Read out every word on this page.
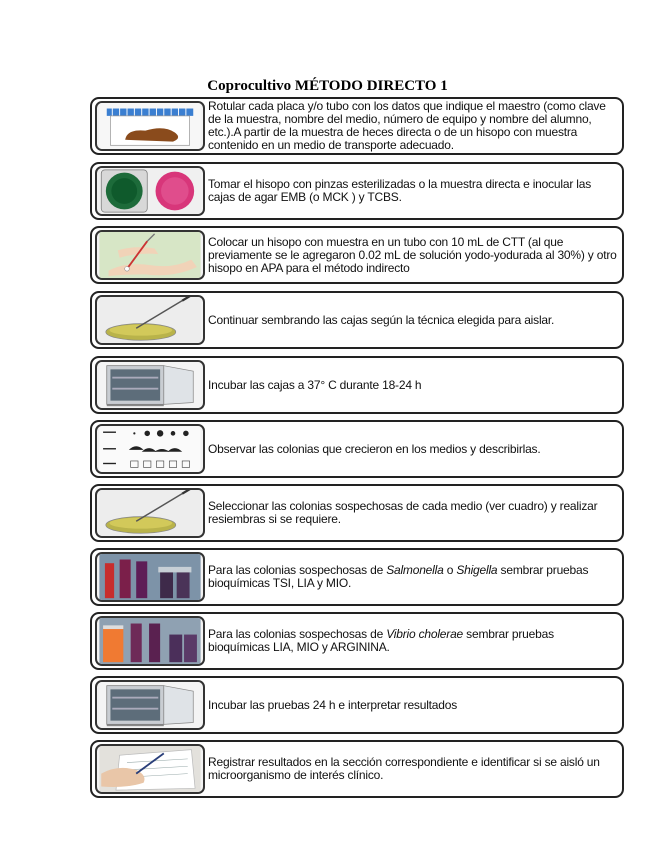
Coprocultivo MÉTODO DIRECTO 1
Rotular cada placa y/o tubo con los datos que indique el maestro (como clave de la muestra, nombre del medio, número de equipo y nombre del alumno, etc.).A partir de la muestra de heces directa o de un hisopo con muestra contenido en un medio de transporte adecuado.
Tomar el hisopo con pinzas esterilizadas o la muestra directa e inocular las cajas de agar EMB (o MCK ) y TCBS.
Colocar un hisopo con muestra en un tubo con 10 mL de CTT (al que previamente se le agregaron 0.02 mL de solución yodo-yodurada al 30%) y otro hisopo en APA para el método indirecto
Continuar sembrando las cajas según la técnica elegida para aislar.
Incubar las cajas a 37° C durante 18-24 h
Observar las colonias que crecieron en los medios y describirlas.
Seleccionar las colonias sospechosas de cada medio (ver cuadro) y realizar resiembras si se requiere.
Para las colonias sospechosas de Salmonella o Shigella sembrar pruebas bioquímicas TSI, LIA y MIO.
Para las colonias sospechosas de Vibrio cholerae sembrar pruebas bioquímicas LIA, MIO y ARGININA.
Incubar las pruebas 24 h e interpretar resultados
Registrar resultados en la sección correspondiente e identificar si se aisló un microorganismo de interés clínico.
